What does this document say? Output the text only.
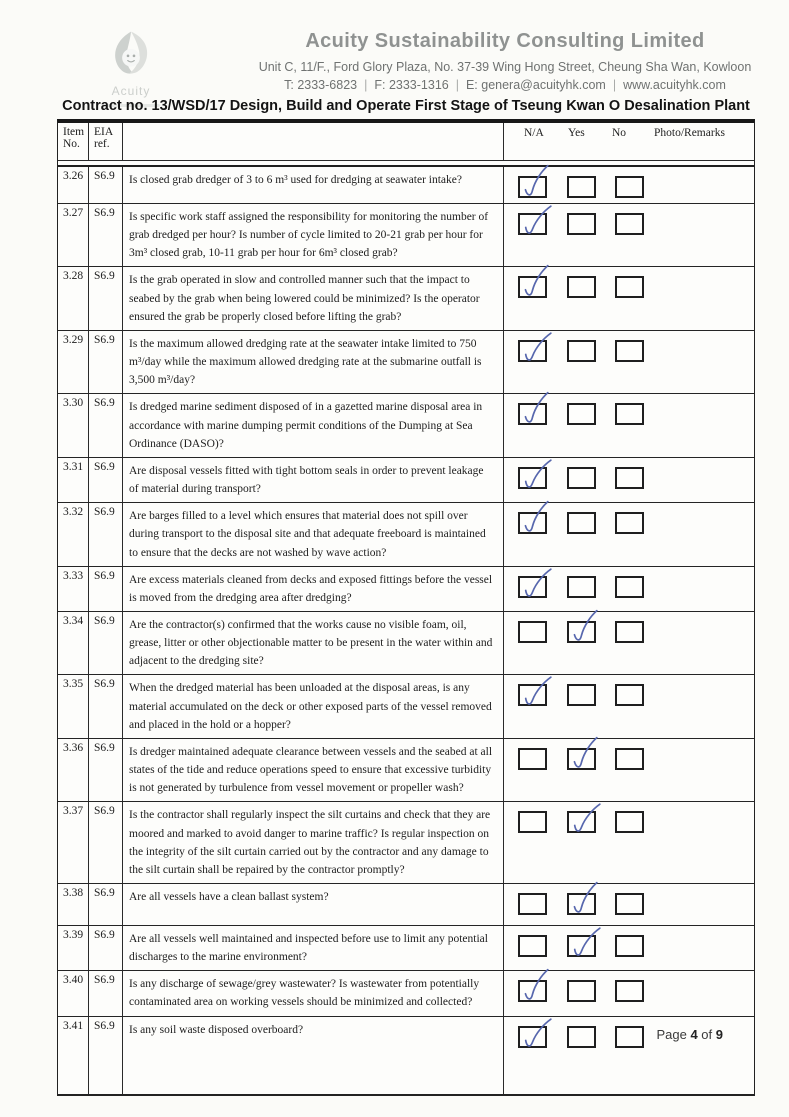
Acuity
Acuity Sustainability Consulting Limited
Unit C, 11/F., Ford Glory Plaza, No. 37-39 Wing Hong Street, Cheung Sha Wan, Kowloon
T: 2333-6823 | F: 2333-1316 | E: genera@acuityhk.com | www.acuityhk.com
Contract no. 13/WSD/17 Design, Build and Operate First Stage of Tseung Kwan O Desalination Plant
Item No.
EIA ref.
N/A Yes No Photo/Remarks
3.26 S6.9	Is closed grab dredger of 3 to 6 m³ used for dredging at seawater intake?
3.27 S6.9	Is specific work staff assigned the responsibility for monitoring the number of grab dredged per hour? Is number of cycle limited to 20-21 grab per hour for 3m³ closed grab, 10-11 grab per hour for 6m³ closed grab?
3.28 S6.9	Is the grab operated in slow and controlled manner such that the impact to seabed by the grab when being lowered could be minimized? Is the operator ensured the grab be properly closed before lifting the grab?
3.29 S6.9	Is the maximum allowed dredging rate at the seawater intake limited to 750 m³/day while the maximum allowed dredging rate at the submarine outfall is 3,500 m³/day?
3.30 S6.9	Is dredged marine sediment disposed of in a gazetted marine disposal area in accordance with marine dumping permit conditions of the Dumping at Sea Ordinance (DASO)?
3.31 S6.9	Are disposal vessels fitted with tight bottom seals in order to prevent leakage of material during transport?
3.32 S6.9	Are barges filled to a level which ensures that material does not spill over during transport to the disposal site and that adequate freeboard is maintained to ensure that the decks are not washed by wave action?
3.33 S6.9	Are excess materials cleaned from decks and exposed fittings before the vessel is moved from the dredging area after dredging?
3.34 S6.9	Are the contractor(s) confirmed that the works cause no visible foam, oil, grease, litter or other objectionable matter to be present in the water within and adjacent to the dredging site?
3.35 S6.9	When the dredged material has been unloaded at the disposal areas, is any material accumulated on the deck or other exposed parts of the vessel removed and placed in the hold or a hopper?
3.36 S6.9	Is dredger maintained adequate clearance between vessels and the seabed at all states of the tide and reduce operations speed to ensure that excessive turbidity is not generated by turbulence from vessel movement or propeller wash?
3.37 S6.9	Is the contractor shall regularly inspect the silt curtains and check that they are moored and marked to avoid danger to marine traffic? Is regular inspection on the integrity of the silt curtain carried out by the contractor and any damage to the silt curtain shall be repaired by the contractor promptly?
3.38 S6.9	Are all vessels have a clean ballast system?
3.39 S6.9	Are all vessels well maintained and inspected before use to limit any potential discharges to the marine environment?
3.40 S6.9	Is any discharge of sewage/grey wastewater? Is wastewater from potentially contaminated area on working vessels should be minimized and collected?
3.41 S6.9	Is any soil waste disposed overboard?	Page 4 of 9
